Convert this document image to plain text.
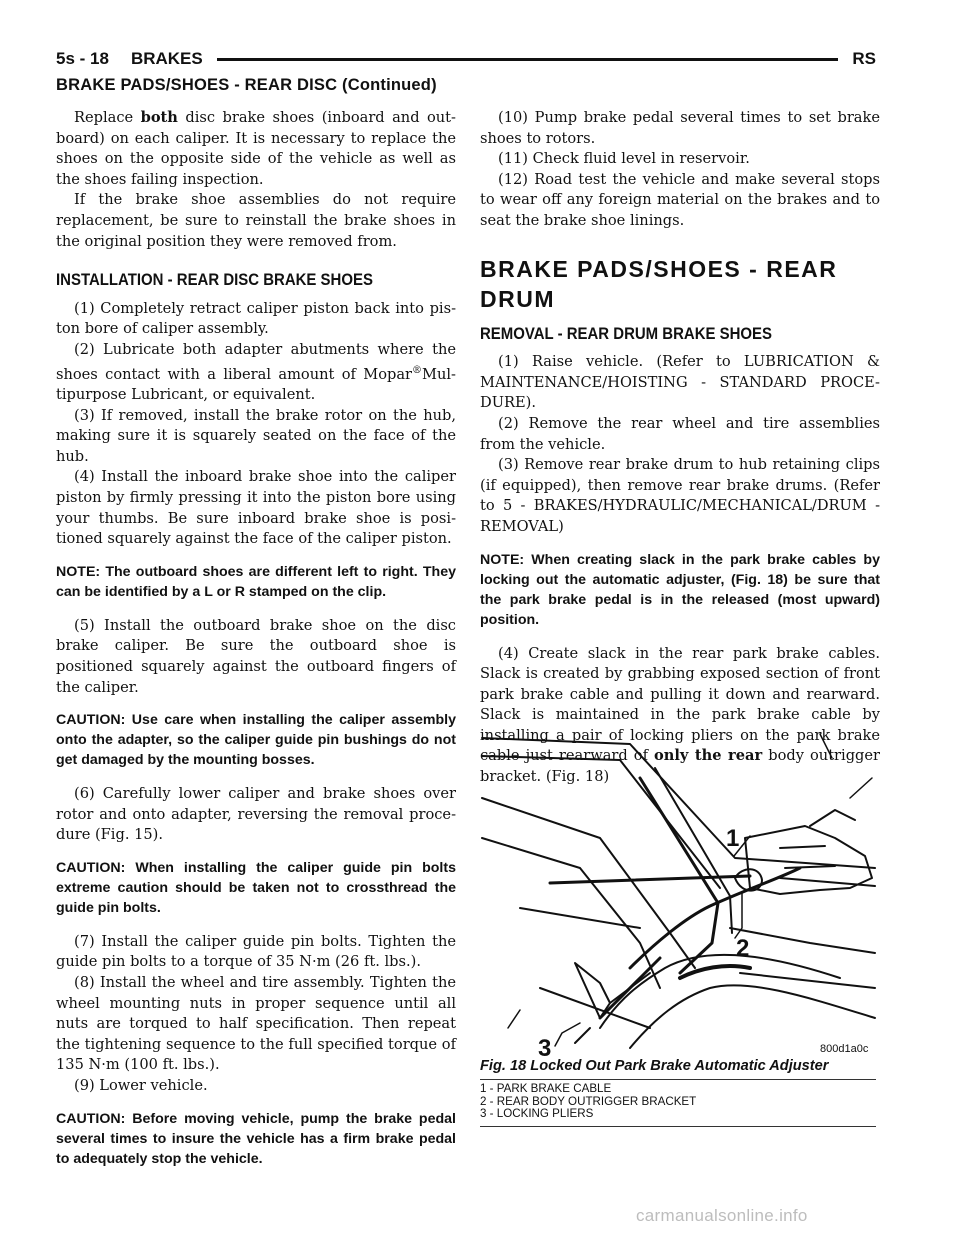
5s - 18 BRAKES	RS
BRAKE PADS/SHOES - REAR DISC (Continued)

Replace both disc brake shoes (inboard and out-board) on each caliper. It is necessary to replace the shoes on the opposite side of the vehicle as well as the shoes failing inspection.

If the brake shoe assemblies do not require replacement, be sure to reinstall the brake shoes in the original position they were removed from.

INSTALLATION - REAR DISC BRAKE SHOES

(1) Completely retract caliper piston back into pis-ton bore of caliper assembly.

(2) Lubricate both adapter abutments where the shoes contact with a liberal amount of Mopar®Mul-tipurpose Lubricant, or equivalent.

(3) If removed, install the brake rotor on the hub, making sure it is squarely seated on the face of the hub.

(4) Install the inboard brake shoe into the caliper piston by firmly pressing it into the piston bore using your thumbs. Be sure inboard brake shoe is posi-tioned squarely against the face of the caliper piston.

NOTE: The outboard shoes are different left to right. They can be identified by a L or R stamped on the clip.

(5) Install the outboard brake shoe on the disc brake caliper. Be sure the outboard shoe is positioned squarely against the outboard fingers of the caliper.

CAUTION: Use care when installing the caliper assembly onto the adapter, so the caliper guide pin bushings do not get damaged by the mounting bosses.

(6) Carefully lower caliper and brake shoes over rotor and onto adapter, reversing the removal proce-dure (Fig. 15).

CAUTION: When installing the caliper guide pin bolts extreme caution should be taken not to crossthread the guide pin bolts.

(7) Install the caliper guide pin bolts. Tighten the guide pin bolts to a torque of 35 N·m (26 ft. lbs.).

(8) Install the wheel and tire assembly. Tighten the wheel mounting nuts in proper sequence until all nuts are torqued to half specification. Then repeat the tightening sequence to the full specified torque of 135 N·m (100 ft. lbs.).

(9) Lower vehicle.

CAUTION: Before moving vehicle, pump the brake pedal several times to insure the vehicle has a firm brake pedal to adequately stop the vehicle.

(10) Pump brake pedal several times to set brake shoes to rotors.

(11) Check fluid level in reservoir.

(12) Road test the vehicle and make several stops to wear off any foreign material on the brakes and to seat the brake shoe linings.

BRAKE PADS/SHOES - REAR DRUM
REMOVAL - REAR DRUM BRAKE SHOES

(1) Raise vehicle. (Refer to LUBRICATION & MAINTENANCE/HOISTING - STANDARD PROCE-DURE).

(2) Remove the rear wheel and tire assemblies from the vehicle.

(3) Remove rear brake drum to hub retaining clips (if equipped), then remove rear brake drums. (Refer to 5 - BRAKES/HYDRAULIC/MECHANICAL/DRUM - REMOVAL)

NOTE: When creating slack in the park brake cables by locking out the automatic adjuster, (Fig. 18) be sure that the park brake pedal is in the released (most upward) position.

(4) Create slack in the rear park brake cables. Slack is created by grabbing exposed section of front park brake cable and pulling it down and rearward. Slack is maintained in the park brake cable by installing a pair of locking pliers on the park brake cable just rearward of only the rear body outrigger bracket. (Fig. 18)

1
2
3	800d1a0c
Fig. 18 Locked Out Park Brake Automatic Adjuster
1 - PARK BRAKE CABLE
2 - REAR BODY OUTRIGGER BRACKET
3 - LOCKING PLIERS
carmanualsonline.info
